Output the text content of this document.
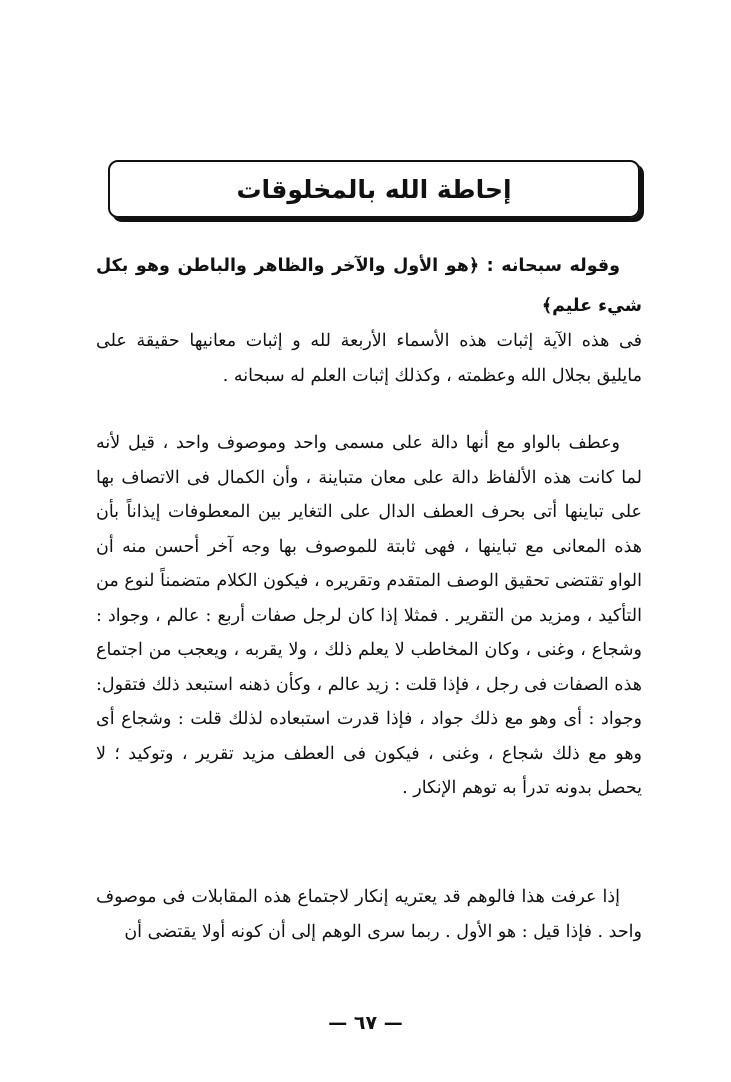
إحاطة الله بالمخلوقات

وقوله سبحانه : ﴿هو الأول والآخر والظاهر والباطن وهو بكل شيء عليم﴾

فى هذه الآية إثبات هذه الأسماء الأربعة لله و إثبات معانيها حقيقة على مايليق بجلال الله وعظمته ، وكذلك إثبات العلم له سبحانه .

وعطف بالواو مع أنها دالة على مسمى واحد وموصوف واحد ، قيل لأنه لما كانت هذه الألفاظ دالة على معان متباينة ، وأن الكمال فى الاتصاف بها على تباينها أتى بحرف العطف الدال على التغاير بين المعطوفات إيذاناً بأن هذه المعانى مع تباينها ، فهى ثابتة للموصوف بها وجه آخر أحسن منه أن الواو تقتضى تحقيق الوصف المتقدم وتقريره ، فيكون الكلام متضمناً لنوع من التأكيد ، ومزيد من التقرير . فمثلا إذا كان لرجل صفات أربع : عالم ، وجواد : وشجاع ، وغنى ، وكان المخاطب لا يعلم ذلك ، ولا يقربه ، ويعجب من اجتماع هذه الصفات فى رجل ، فإذا قلت : زيد عالم ، وكأن ذهنه استبعد ذلك فتقول: وجواد : أى وهو مع ذلك جواد ، فإذا قدرت استبعاده لذلك قلت : وشجاع أى وهو مع ذلك شجاع ، وغنى ، فيكون فى العطف مزيد تقرير ، وتوكيد ؛ لا يحصل بدونه تدرأ به توهم الإنكار .

إذا عرفت هذا فالوهم قد يعتريه إنكار لاجتماع هذه المقابلات فى موصوف واحد . فإذا قيل : هو الأول . ربما سرى الوهم إلى أن كونه أولا يقتضى أن

— ٦٧ —
